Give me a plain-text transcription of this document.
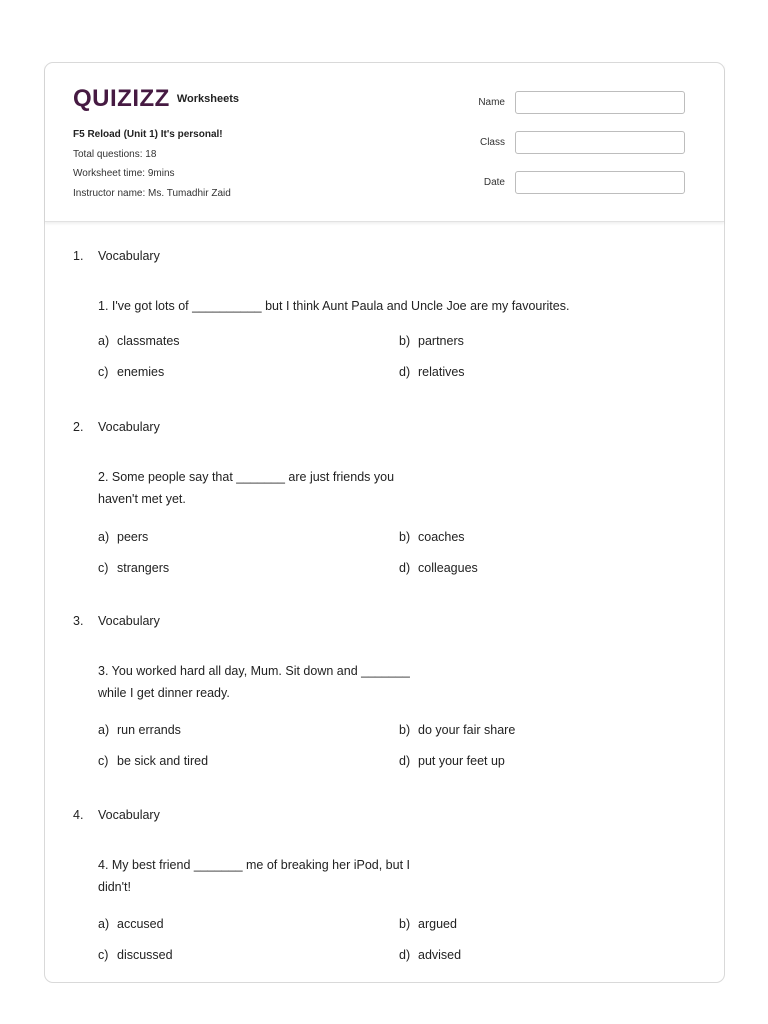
QUIZIZZ Worksheets
F5 Reload (Unit 1) It's personal!
Total questions: 18
Worksheet time: 9mins
Instructor name: Ms. Tumadhir Zaid
Name
Class
Date
1. Vocabulary
1. I've got lots of __________ but I think Aunt Paula and Uncle Joe are my favourites.
a) classmates	b) partners
c) enemies	d) relatives
2. Vocabulary
2. Some people say that _______ are just friends you
haven't met yet.
a) peers	b) coaches
c) strangers	d) colleagues
3. Vocabulary
3. You worked hard all day, Mum. Sit down and _______
while I get dinner ready.
a) run errands	b) do your fair share
c) be sick and tired	d) put your feet up
4. Vocabulary
4. My best friend _______ me of breaking her iPod, but I
didn't!
a) accused	b) argued
c) discussed	d) advised
